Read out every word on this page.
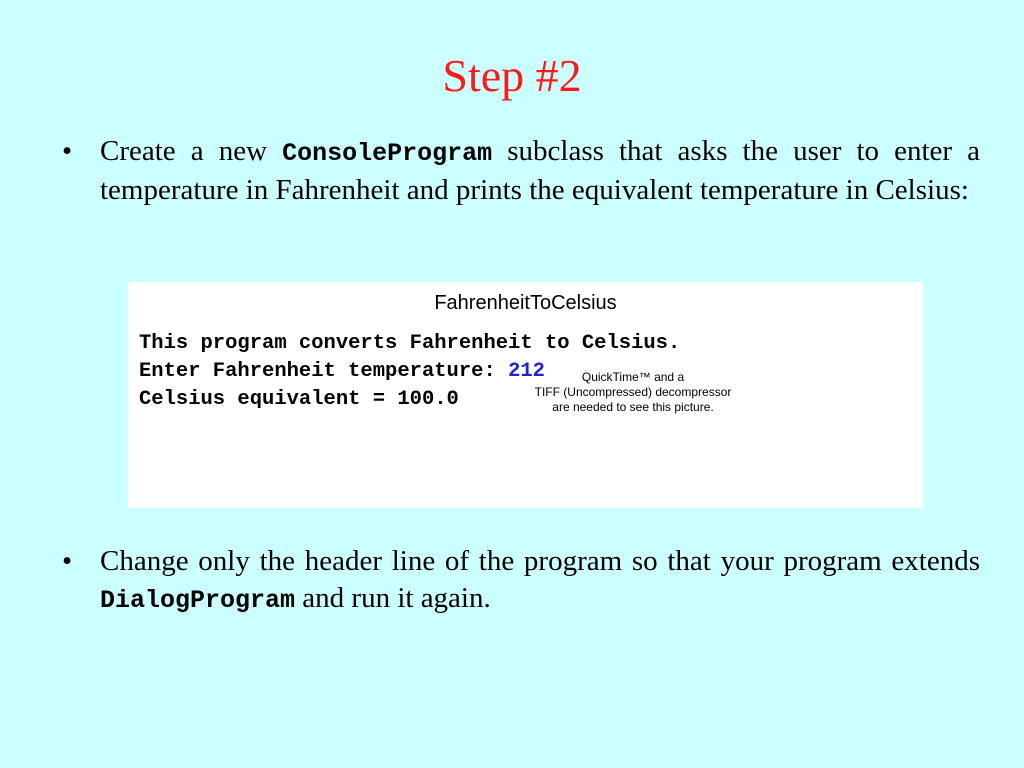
Step #2
• Create a new ConsoleProgram subclass that asks the user to enter a temperature in Fahrenheit and prints the equivalent temperature in Celsius:
FahrenheitToCelsius
This program converts Fahrenheit to Celsius.
Enter Fahrenheit temperature: 212
Celsius equivalent = 100.0
QuickTime™ and a
TIFF (Uncompressed) decompressor
are needed to see this picture.
• Change only the header line of the program so that your program extends DialogProgram and run it again.
